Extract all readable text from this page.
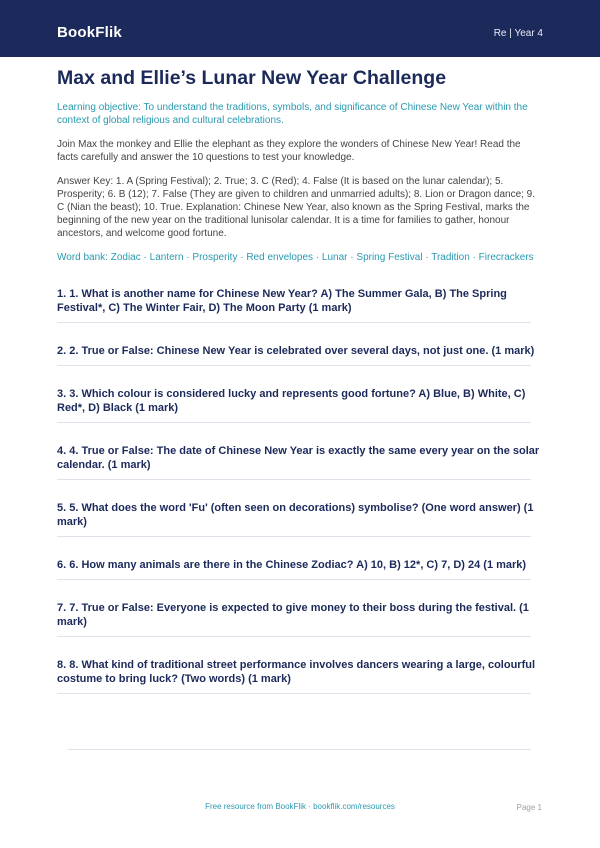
BookFlik	Re | Year 4
Max and Ellie’s Lunar New Year Challenge
Learning objective: To understand the traditions, symbols, and significance of Chinese New Year within the context of global religious and cultural celebrations.
Join Max the monkey and Ellie the elephant as they explore the wonders of Chinese New Year! Read the facts carefully and answer the 10 questions to test your knowledge.
Answer Key: 1. A (Spring Festival); 2. True; 3. C (Red); 4. False (It is based on the lunar calendar); 5. Prosperity; 6. B (12); 7. False (They are given to children and unmarried adults); 8. Lion or Dragon dance; 9. C (Nian the beast); 10. True. Explanation: Chinese New Year, also known as the Spring Festival, marks the beginning of the new year on the traditional lunisolar calendar. It is a time for families to gather, honour ancestors, and welcome good fortune.
Word bank: Zodiac · Lantern · Prosperity · Red envelopes · Lunar · Spring Festival · Tradition · Firecrackers
1. 1. What is another name for Chinese New Year? A) The Summer Gala, B) The Spring Festival*, C) The Winter Fair, D) The Moon Party (1 mark)
2. 2. True or False: Chinese New Year is celebrated over several days, not just one. (1 mark)
3. 3. Which colour is considered lucky and represents good fortune? A) Blue, B) White, C) Red*, D) Black (1 mark)
4. 4. True or False: The date of Chinese New Year is exactly the same every year on the solar calendar. (1 mark)
5. 5. What does the word 'Fu' (often seen on decorations) symbolise? (One word answer) (1 mark)
6. 6. How many animals are there in the Chinese Zodiac? A) 10, B) 12*, C) 7, D) 24 (1 mark)
7. 7. True or False: Everyone is expected to give money to their boss during the festival. (1 mark)
8. 8. What kind of traditional street performance involves dancers wearing a large, colourful costume to bring luck? (Two words) (1 mark)
Free resource from BookFlik · bookflik.com/resources	Page 1
